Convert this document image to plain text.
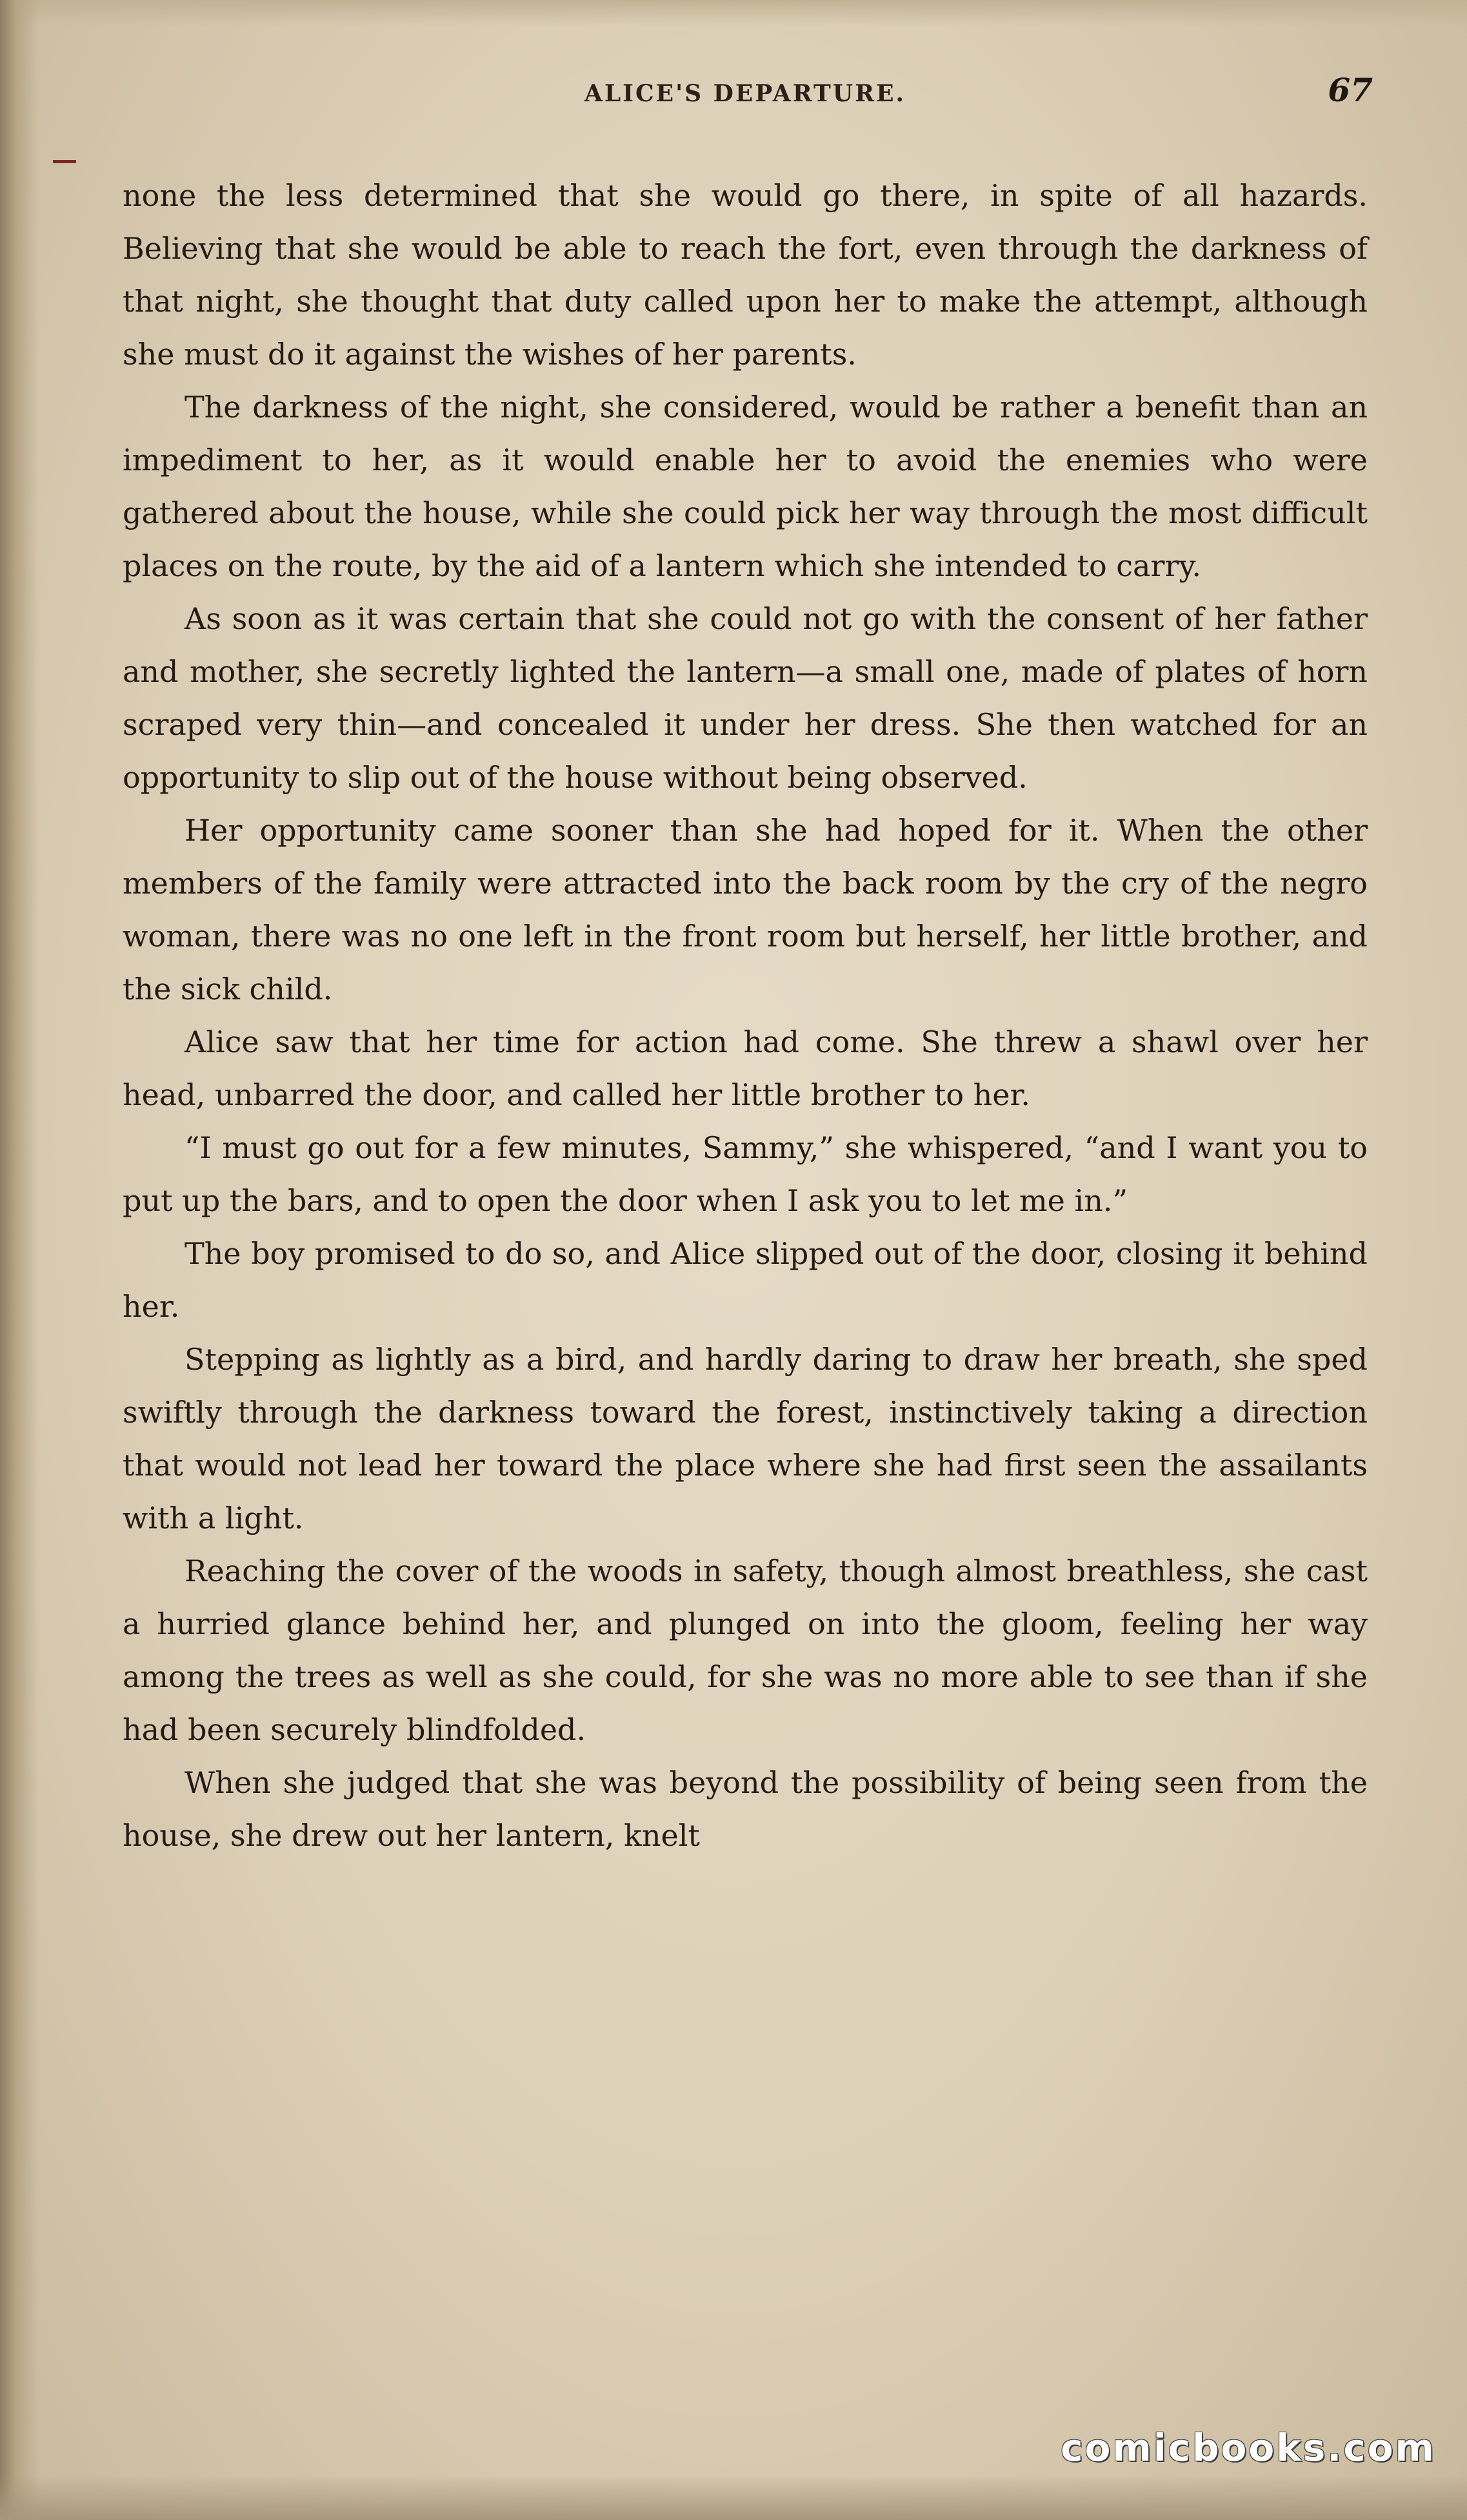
ALICE'S DEPARTURE.	67

none the less determined that she would go there, in spite of all hazards. Believing that she would be able to reach the fort, even through the darkness of that night, she thought that duty called upon her to make the attempt, although she must do it against the wishes of her parents.

The darkness of the night, she considered, would be rather a benefit than an impediment to her, as it would enable her to avoid the enemies who were gathered about the house, while she could pick her way through the most difficult places on the route, by the aid of a lantern which she intended to carry.

As soon as it was certain that she could not go with the consent of her father and mother, she secretly lighted the lantern—a small one, made of plates of horn scraped very thin—and concealed it under her dress. She then watched for an opportunity to slip out of the house without being observed.

Her opportunity came sooner than she had hoped for it. When the other members of the family were attracted into the back room by the cry of the negro woman, there was no one left in the front room but herself, her little brother, and the sick child.

Alice saw that her time for action had come. She threw a shawl over her head, unbarred the door, and called her little brother to her.

“I must go out for a few minutes, Sammy,” she whispered, “and I want you to put up the bars, and to open the door when I ask you to let me in.”

The boy promised to do so, and Alice slipped out of the door, closing it behind her.

Stepping as lightly as a bird, and hardly daring to draw her breath, she sped swiftly through the darkness toward the forest, instinctively taking a direction that would not lead her toward the place where she had first seen the assailants with a light.

Reaching the cover of the woods in safety, though almost breathless, she cast a hurried glance behind her, and plunged on into the gloom, feeling her way among the trees as well as she could, for she was no more able to see than if she had been securely blindfolded.

When she judged that she was beyond the possibility of being seen from the house, she drew out her lantern, knelt

comicbooks.com
